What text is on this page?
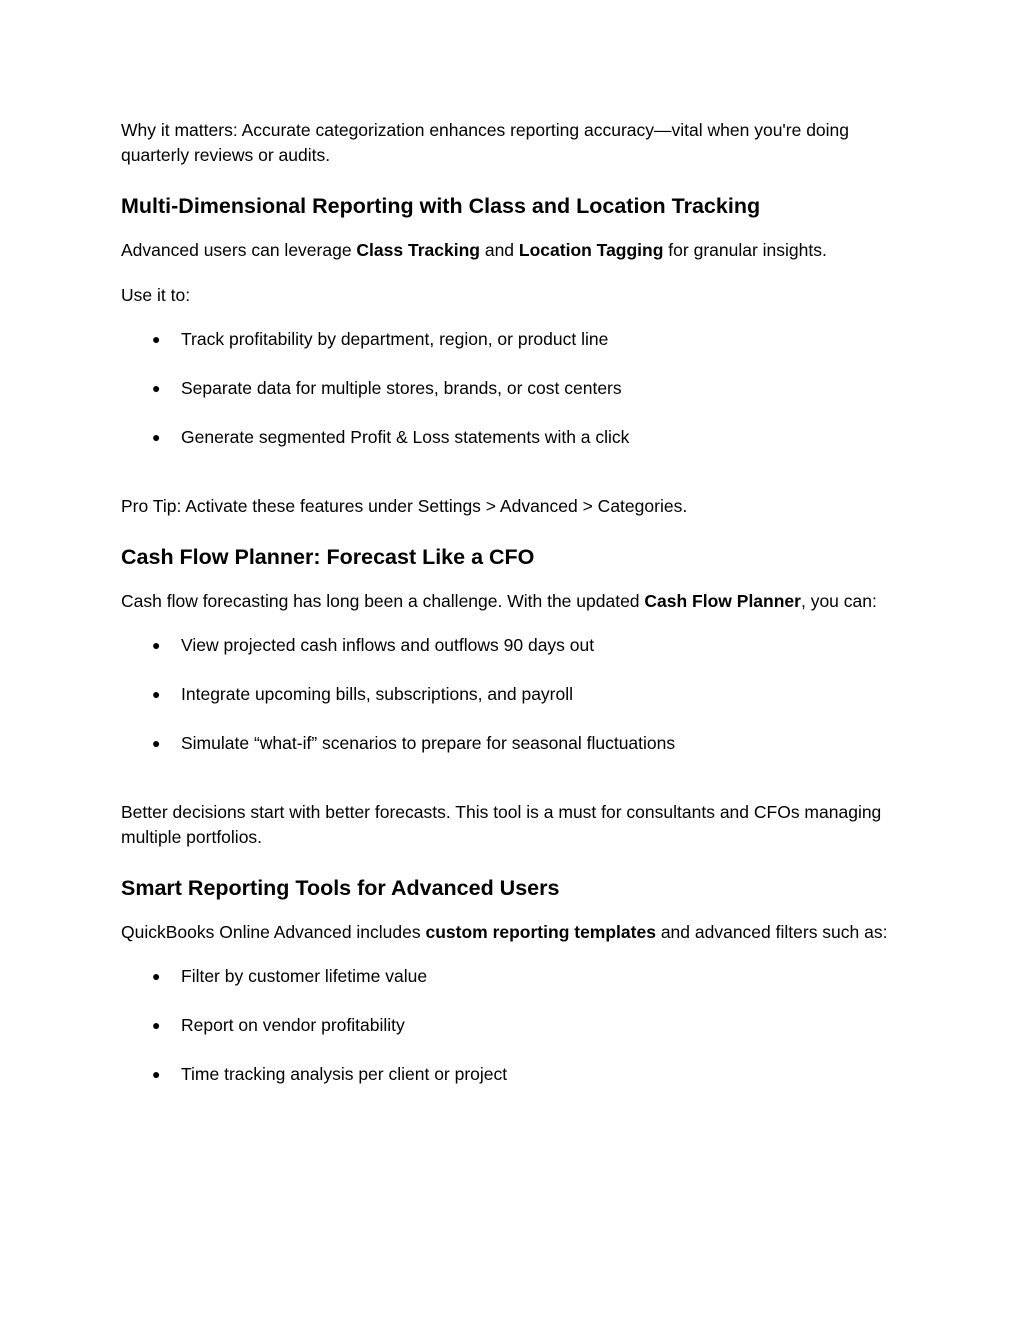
Why it matters: Accurate categorization enhances reporting accuracy—vital when you're doing quarterly reviews or audits.

Multi-Dimensional Reporting with Class and Location Tracking

Advanced users can leverage Class Tracking and Location Tagging for granular insights.

Use it to:

● Track profitability by department, region, or product line
● Separate data for multiple stores, brands, or cost centers
● Generate segmented Profit & Loss statements with a click

Pro Tip: Activate these features under Settings > Advanced > Categories.

Cash Flow Planner: Forecast Like a CFO

Cash flow forecasting has long been a challenge. With the updated Cash Flow Planner, you can:

● View projected cash inflows and outflows 90 days out
● Integrate upcoming bills, subscriptions, and payroll
● Simulate “what-if” scenarios to prepare for seasonal fluctuations

Better decisions start with better forecasts. This tool is a must for consultants and CFOs managing multiple portfolios.

Smart Reporting Tools for Advanced Users

QuickBooks Online Advanced includes custom reporting templates and advanced filters such as:

● Filter by customer lifetime value
● Report on vendor profitability
● Time tracking analysis per client or project
